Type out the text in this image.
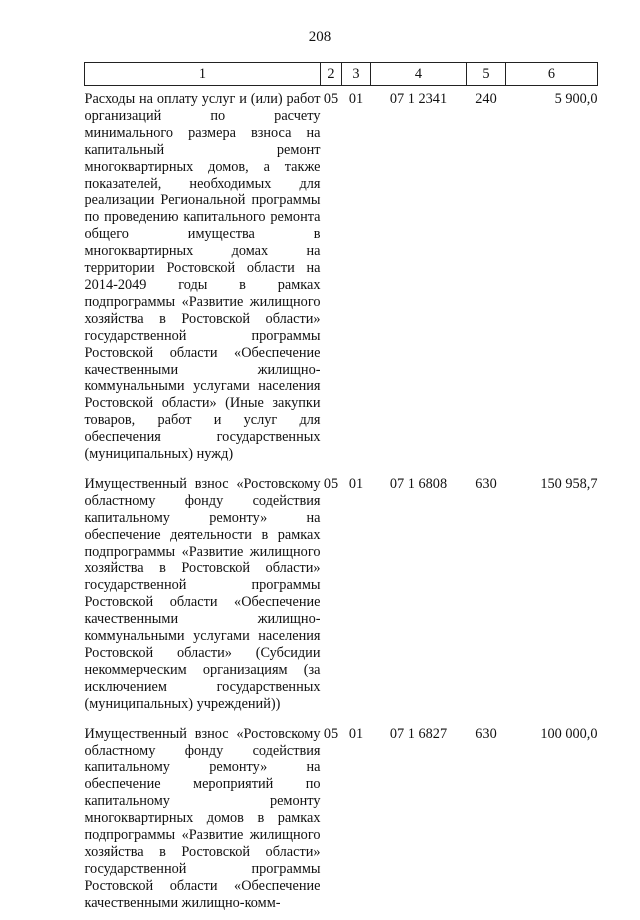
208
1	2	3	4	5	6
Расходы на оплату услуг и (или) работ организаций по расчету минимального размера взноса на капитальный ремонт многоквартирных домов, а также показателей, необходимых для реализации Региональной программы по проведению капитального ремонта общего имущества в многоквартирных домах на территории Ростовской области на 2014-2049 годы в рамках подпрограммы «Развитие жилищного хозяйства в Ростовской области» государственной программы Ростовской области «Обеспечение качественными жилищно-коммунальными услугами населения Ростовской области» (Иные закупки товаров, работ и услуг для обеспечения государственных (муниципальных) нужд)	05	01	07 1 2341	240	5 900,0
Имущественный взнос «Ростовскому областному фонду содействия капитальному ремонту» на обеспечение деятельности в рамках подпрограммы «Развитие жилищного хозяйства в Ростовской области» государственной программы Ростовской области «Обеспечение качественными жилищно-коммунальными услугами населения Ростовской области» (Субсидии некоммерческим организациям (за исключением государственных (муниципальных) учреждений))	05	01	07 1 6808	630	150 958,7
Имущественный взнос «Ростовскому областному фонду содействия капитальному ремонту» на обеспечение мероприятий по капитальному ремонту многоквартирных домов в рамках подпрограммы «Развитие жилищного хозяйства в Ростовской области» государственной программы Ростовской области «Обеспечение качественными жилищно-комм-	05	01	07 1 6827	630	100 000,0
